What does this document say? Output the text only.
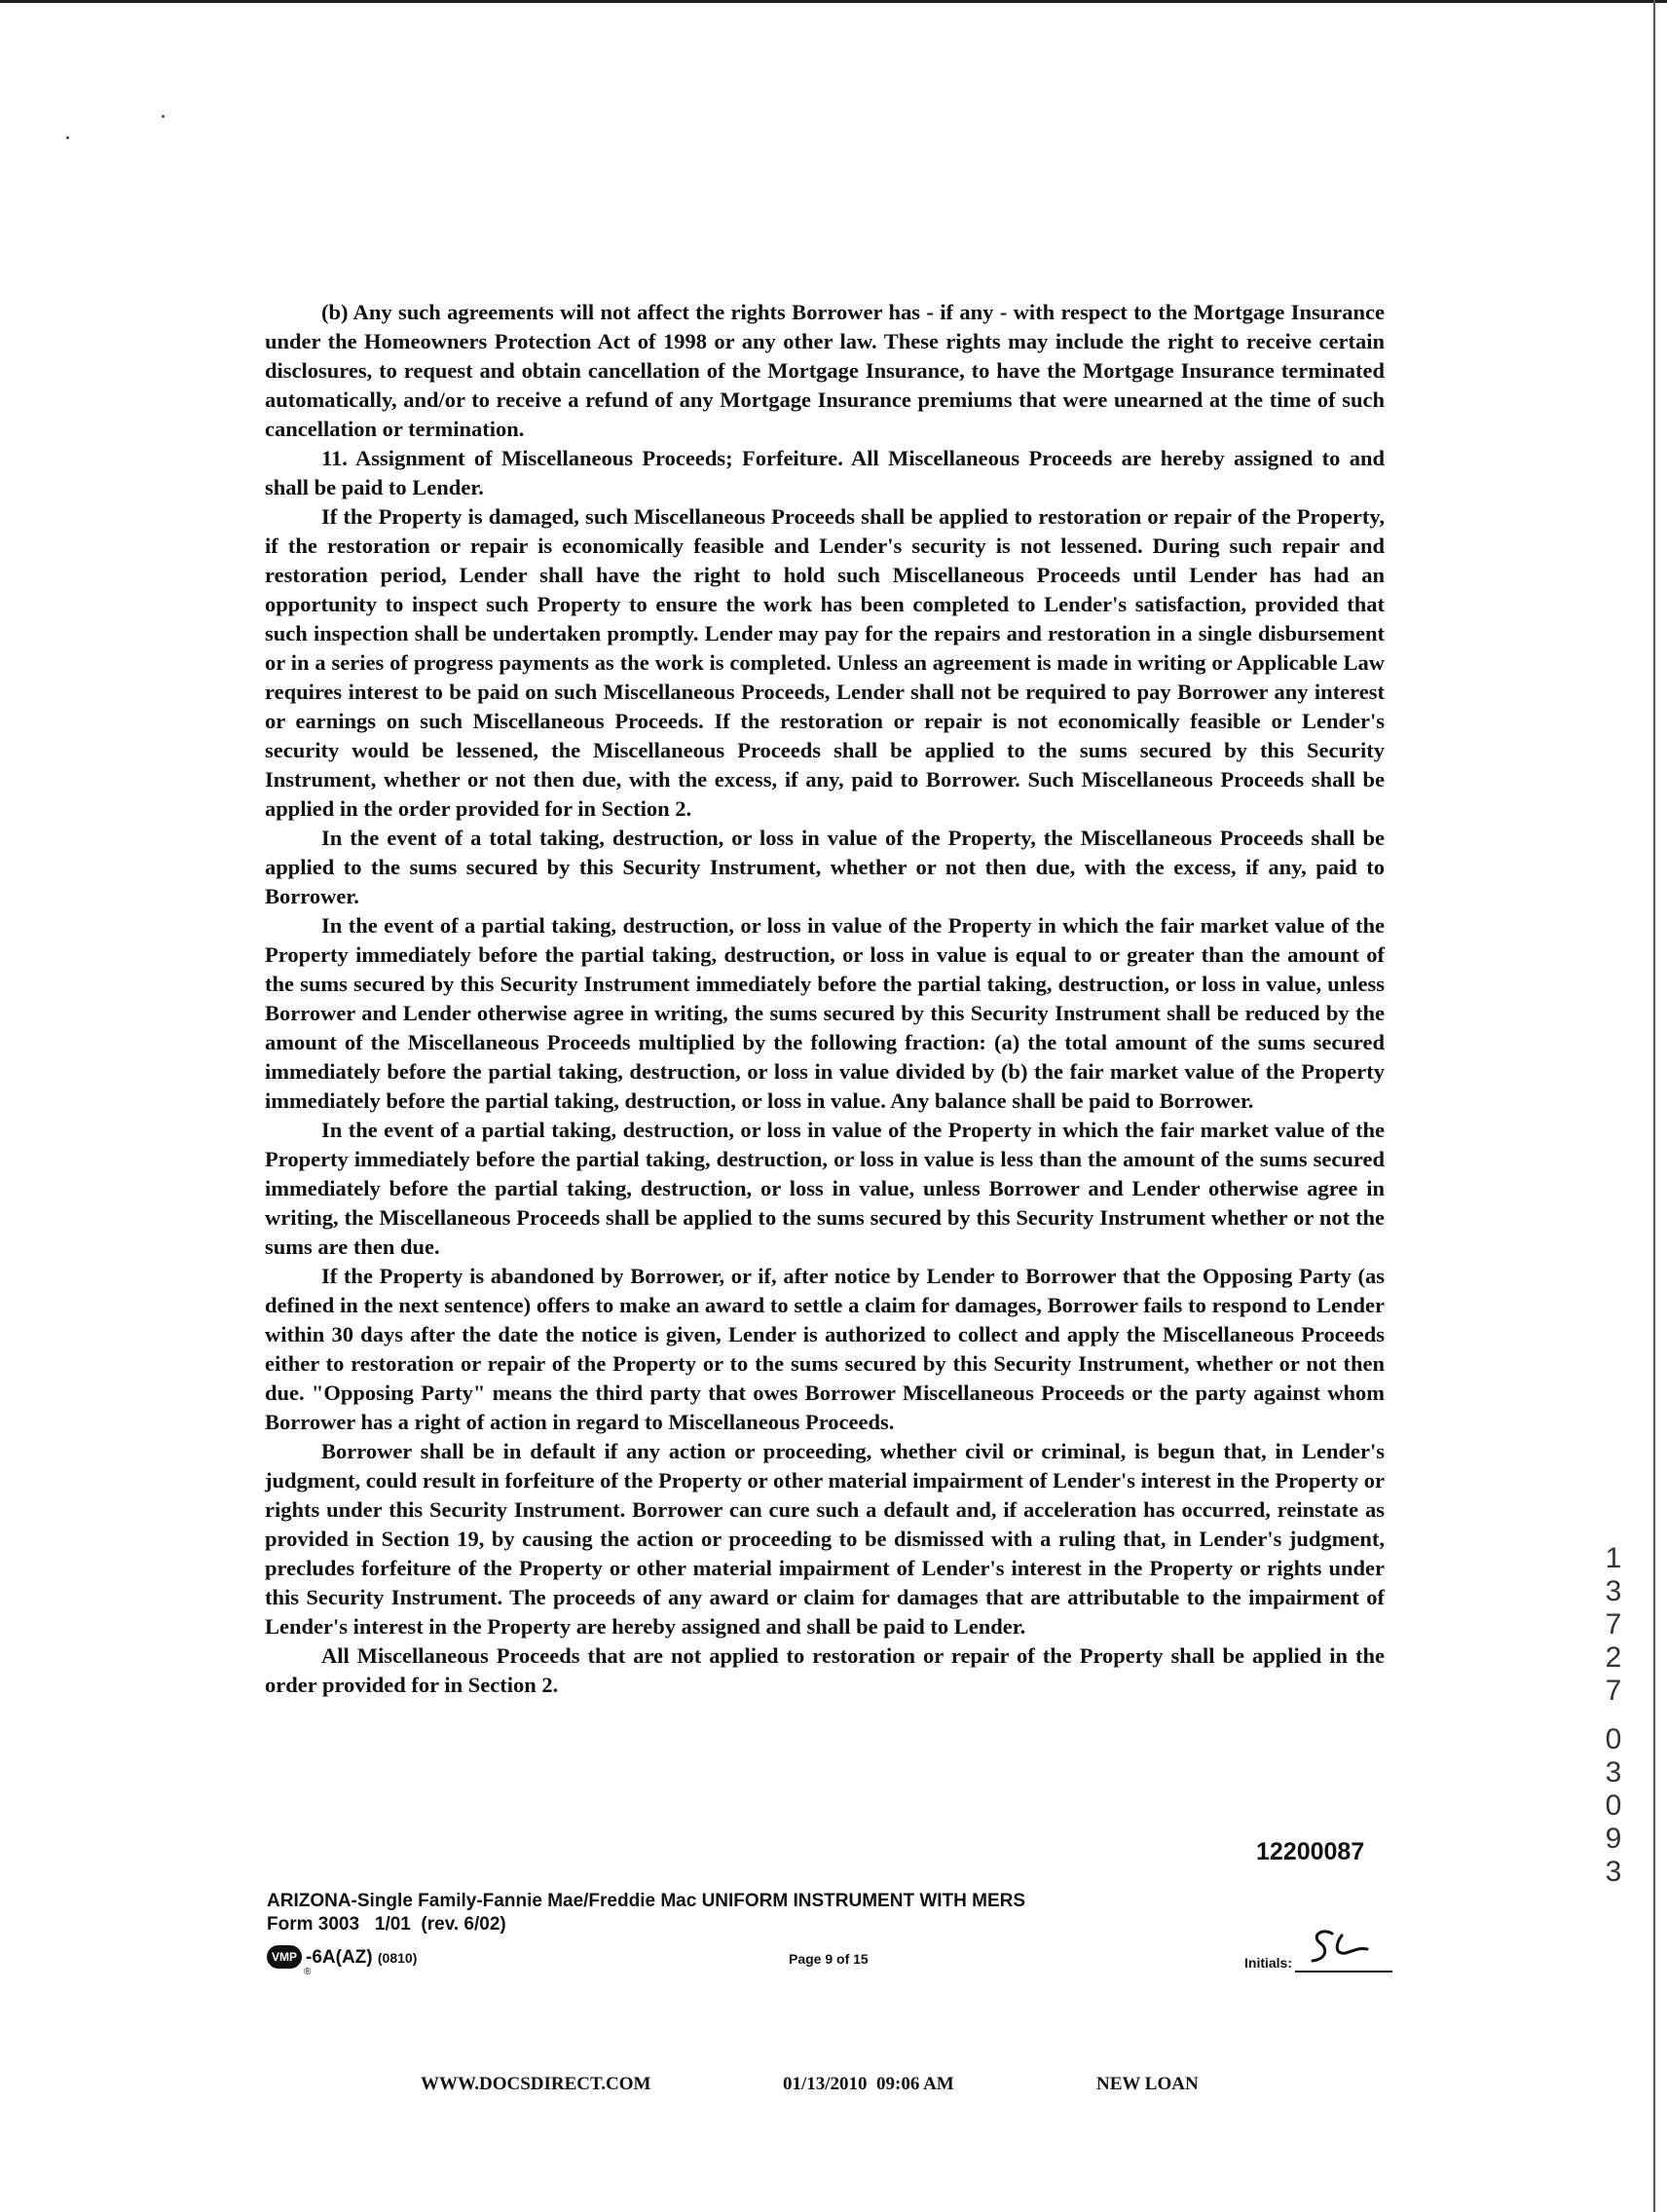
(b) Any such agreements will not affect the rights Borrower has - if any - with respect to the Mortgage Insurance under the Homeowners Protection Act of 1998 or any other law. These rights may include the right to receive certain disclosures, to request and obtain cancellation of the Mortgage Insurance, to have the Mortgage Insurance terminated automatically, and/or to receive a refund of any Mortgage Insurance premiums that were unearned at the time of such cancellation or termination.

11. Assignment of Miscellaneous Proceeds; Forfeiture. All Miscellaneous Proceeds are hereby assigned to and shall be paid to Lender.

If the Property is damaged, such Miscellaneous Proceeds shall be applied to restoration or repair of the Property, if the restoration or repair is economically feasible and Lender's security is not lessened. During such repair and restoration period, Lender shall have the right to hold such Miscellaneous Proceeds until Lender has had an opportunity to inspect such Property to ensure the work has been completed to Lender's satisfaction, provided that such inspection shall be undertaken promptly. Lender may pay for the repairs and restoration in a single disbursement or in a series of progress payments as the work is completed. Unless an agreement is made in writing or Applicable Law requires interest to be paid on such Miscellaneous Proceeds, Lender shall not be required to pay Borrower any interest or earnings on such Miscellaneous Proceeds. If the restoration or repair is not economically feasible or Lender's security would be lessened, the Miscellaneous Proceeds shall be applied to the sums secured by this Security Instrument, whether or not then due, with the excess, if any, paid to Borrower. Such Miscellaneous Proceeds shall be applied in the order provided for in Section 2.

In the event of a total taking, destruction, or loss in value of the Property, the Miscellaneous Proceeds shall be applied to the sums secured by this Security Instrument, whether or not then due, with the excess, if any, paid to Borrower.

In the event of a partial taking, destruction, or loss in value of the Property in which the fair market value of the Property immediately before the partial taking, destruction, or loss in value is equal to or greater than the amount of the sums secured by this Security Instrument immediately before the partial taking, destruction, or loss in value, unless Borrower and Lender otherwise agree in writing, the sums secured by this Security Instrument shall be reduced by the amount of the Miscellaneous Proceeds multiplied by the following fraction: (a) the total amount of the sums secured immediately before the partial taking, destruction, or loss in value divided by (b) the fair market value of the Property immediately before the partial taking, destruction, or loss in value. Any balance shall be paid to Borrower.

In the event of a partial taking, destruction, or loss in value of the Property in which the fair market value of the Property immediately before the partial taking, destruction, or loss in value is less than the amount of the sums secured immediately before the partial taking, destruction, or loss in value, unless Borrower and Lender otherwise agree in writing, the Miscellaneous Proceeds shall be applied to the sums secured by this Security Instrument whether or not the sums are then due.

If the Property is abandoned by Borrower, or if, after notice by Lender to Borrower that the Opposing Party (as defined in the next sentence) offers to make an award to settle a claim for damages, Borrower fails to respond to Lender within 30 days after the date the notice is given, Lender is authorized to collect and apply the Miscellaneous Proceeds either to restoration or repair of the Property or to the sums secured by this Security Instrument, whether or not then due. "Opposing Party" means the third party that owes Borrower Miscellaneous Proceeds or the party against whom Borrower has a right of action in regard to Miscellaneous Proceeds.

Borrower shall be in default if any action or proceeding, whether civil or criminal, is begun that, in Lender's judgment, could result in forfeiture of the Property or other material impairment of Lender's interest in the Property or rights under this Security Instrument. Borrower can cure such a default and, if acceleration has occurred, reinstate as provided in Section 19, by causing the action or proceeding to be dismissed with a ruling that, in Lender's judgment, precludes forfeiture of the Property or other material impairment of Lender's interest in the Property or rights under this Security Instrument. The proceeds of any award or claim for damages that are attributable to the impairment of Lender's interest in the Property are hereby assigned and shall be paid to Lender.

All Miscellaneous Proceeds that are not applied to restoration or repair of the Property shall be applied in the order provided for in Section 2.

12200087
ARIZONA-Single Family-Fannie Mae/Freddie Mac UNIFORM INSTRUMENT WITH MERS
Form 3003   1/01  (rev. 6/02)
VMP
®
-6A(AZ) (0810)	Page 9 of 15	Initials:
WWW.DOCSDIRECT.COM	01/13/2010  09:06 AM	NEW LOAN
1
3
7
2
7
0
3
0
9
3
